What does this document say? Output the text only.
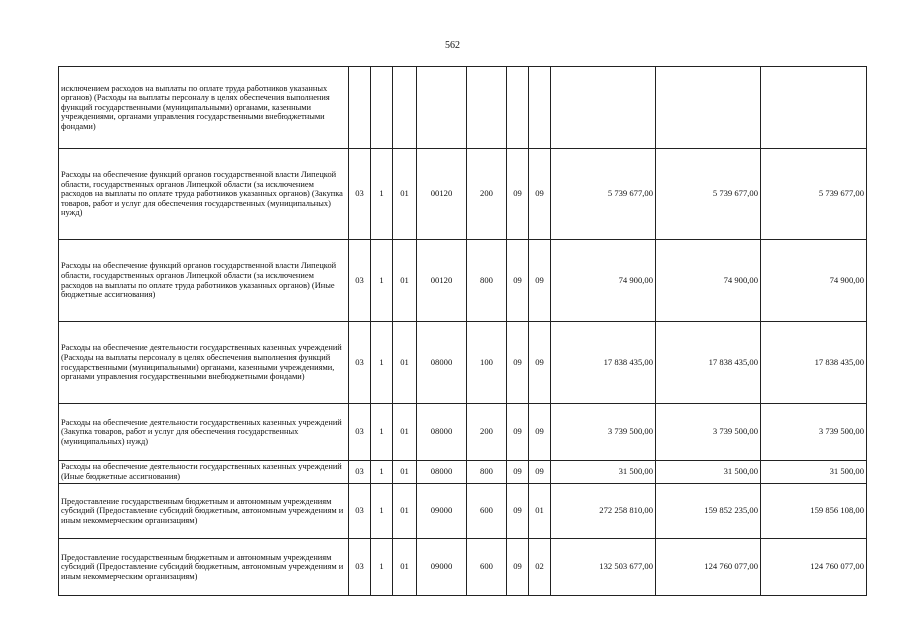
562
исключением расходов на выплаты по оплате труда работников указанных органов) (Расходы на выплаты персоналу в целях обеспечения выполнения функций государственными (муниципальными) органами, казенными учреждениями, органами управления государственными внебюджетными фондами)										
Расходы на обеспечение функций органов государственной власти Липецкой области, государственных органов Липецкой области (за исключением расходов на выплаты по оплате труда работников указанных органов) (Закупка товаров, работ и услуг для обеспечения государственных (муниципальных) нужд)	03	1	01	00120	200	09	09	5 739 677,00	5 739 677,00	5 739 677,00
Расходы на обеспечение функций органов государственной власти Липецкой области, государственных органов Липецкой области (за исключением расходов на выплаты по оплате труда работников указанных органов) (Иные бюджетные ассигнования)	03	1	01	00120	800	09	09	74 900,00	74 900,00	74 900,00
Расходы на обеспечение деятельности государственных казенных учреждений (Расходы на выплаты персоналу в целях обеспечения выполнения функций государственными (муниципальными) органами, казенными учреждениями, органами управления государственными внебюджетными фондами)	03	1	01	08000	100	09	09	17 838 435,00	17 838 435,00	17 838 435,00
Расходы на обеспечение деятельности государственных казенных учреждений (Закупка товаров, работ и услуг для обеспечения государственных (муниципальных) нужд)	03	1	01	08000	200	09	09	3 739 500,00	3 739 500,00	3 739 500,00
Расходы на обеспечение деятельности государственных казенных учреждений (Иные бюджетные ассигнования)	03	1	01	08000	800	09	09	31 500,00	31 500,00	31 500,00
Предоставление государственным бюджетным и автономным учреждениям субсидий (Предоставление субсидий бюджетным, автономным учреждениям и иным некоммерческим организациям)	03	1	01	09000	600	09	01	272 258 810,00	159 852 235,00	159 856 108,00
Предоставление государственным бюджетным и автономным учреждениям субсидий (Предоставление субсидий бюджетным, автономным учреждениям и иным некоммерческим организациям)	03	1	01	09000	600	09	02	132 503 677,00	124 760 077,00	124 760 077,00
